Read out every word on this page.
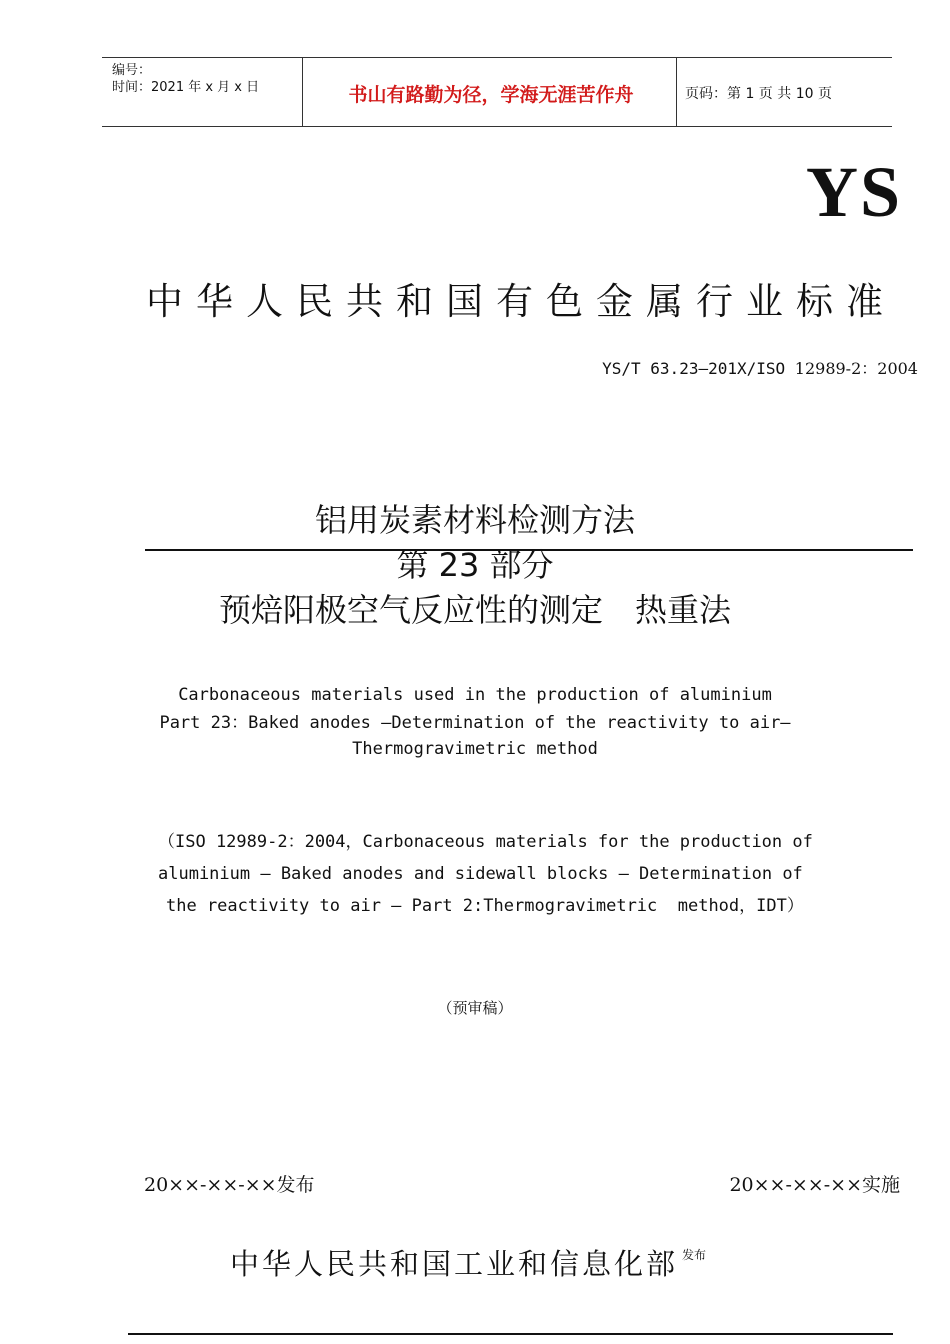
编号：
时间：2021 年 x 月 x 日	书山有路勤为径，学海无涯苦作舟	页码：第 1 页 共 10 页
YS
中华人民共和国有色金属行业标准
YS/T 63.23—201X/ISO 12989-2：2004
铝用炭素材料检测方法
第 23 部分
预焙阳极空气反应性的测定　热重法
Carbonaceous materials used in the production of aluminium
Part 23：Baked anodes —Determination of the reactivity to air—
Thermogravimetric method
（ISO 12989-2：2004，Carbonaceous materials for the production of
aluminium — Baked anodes and sidewall blocks — Determination of
the reactivity to air — Part 2:Thermogravimetric  method，IDT）
（预审稿）
20××-××-××发布	20××-××-××实施
中华人民共和国工业和信息化部 $^{发布}$
